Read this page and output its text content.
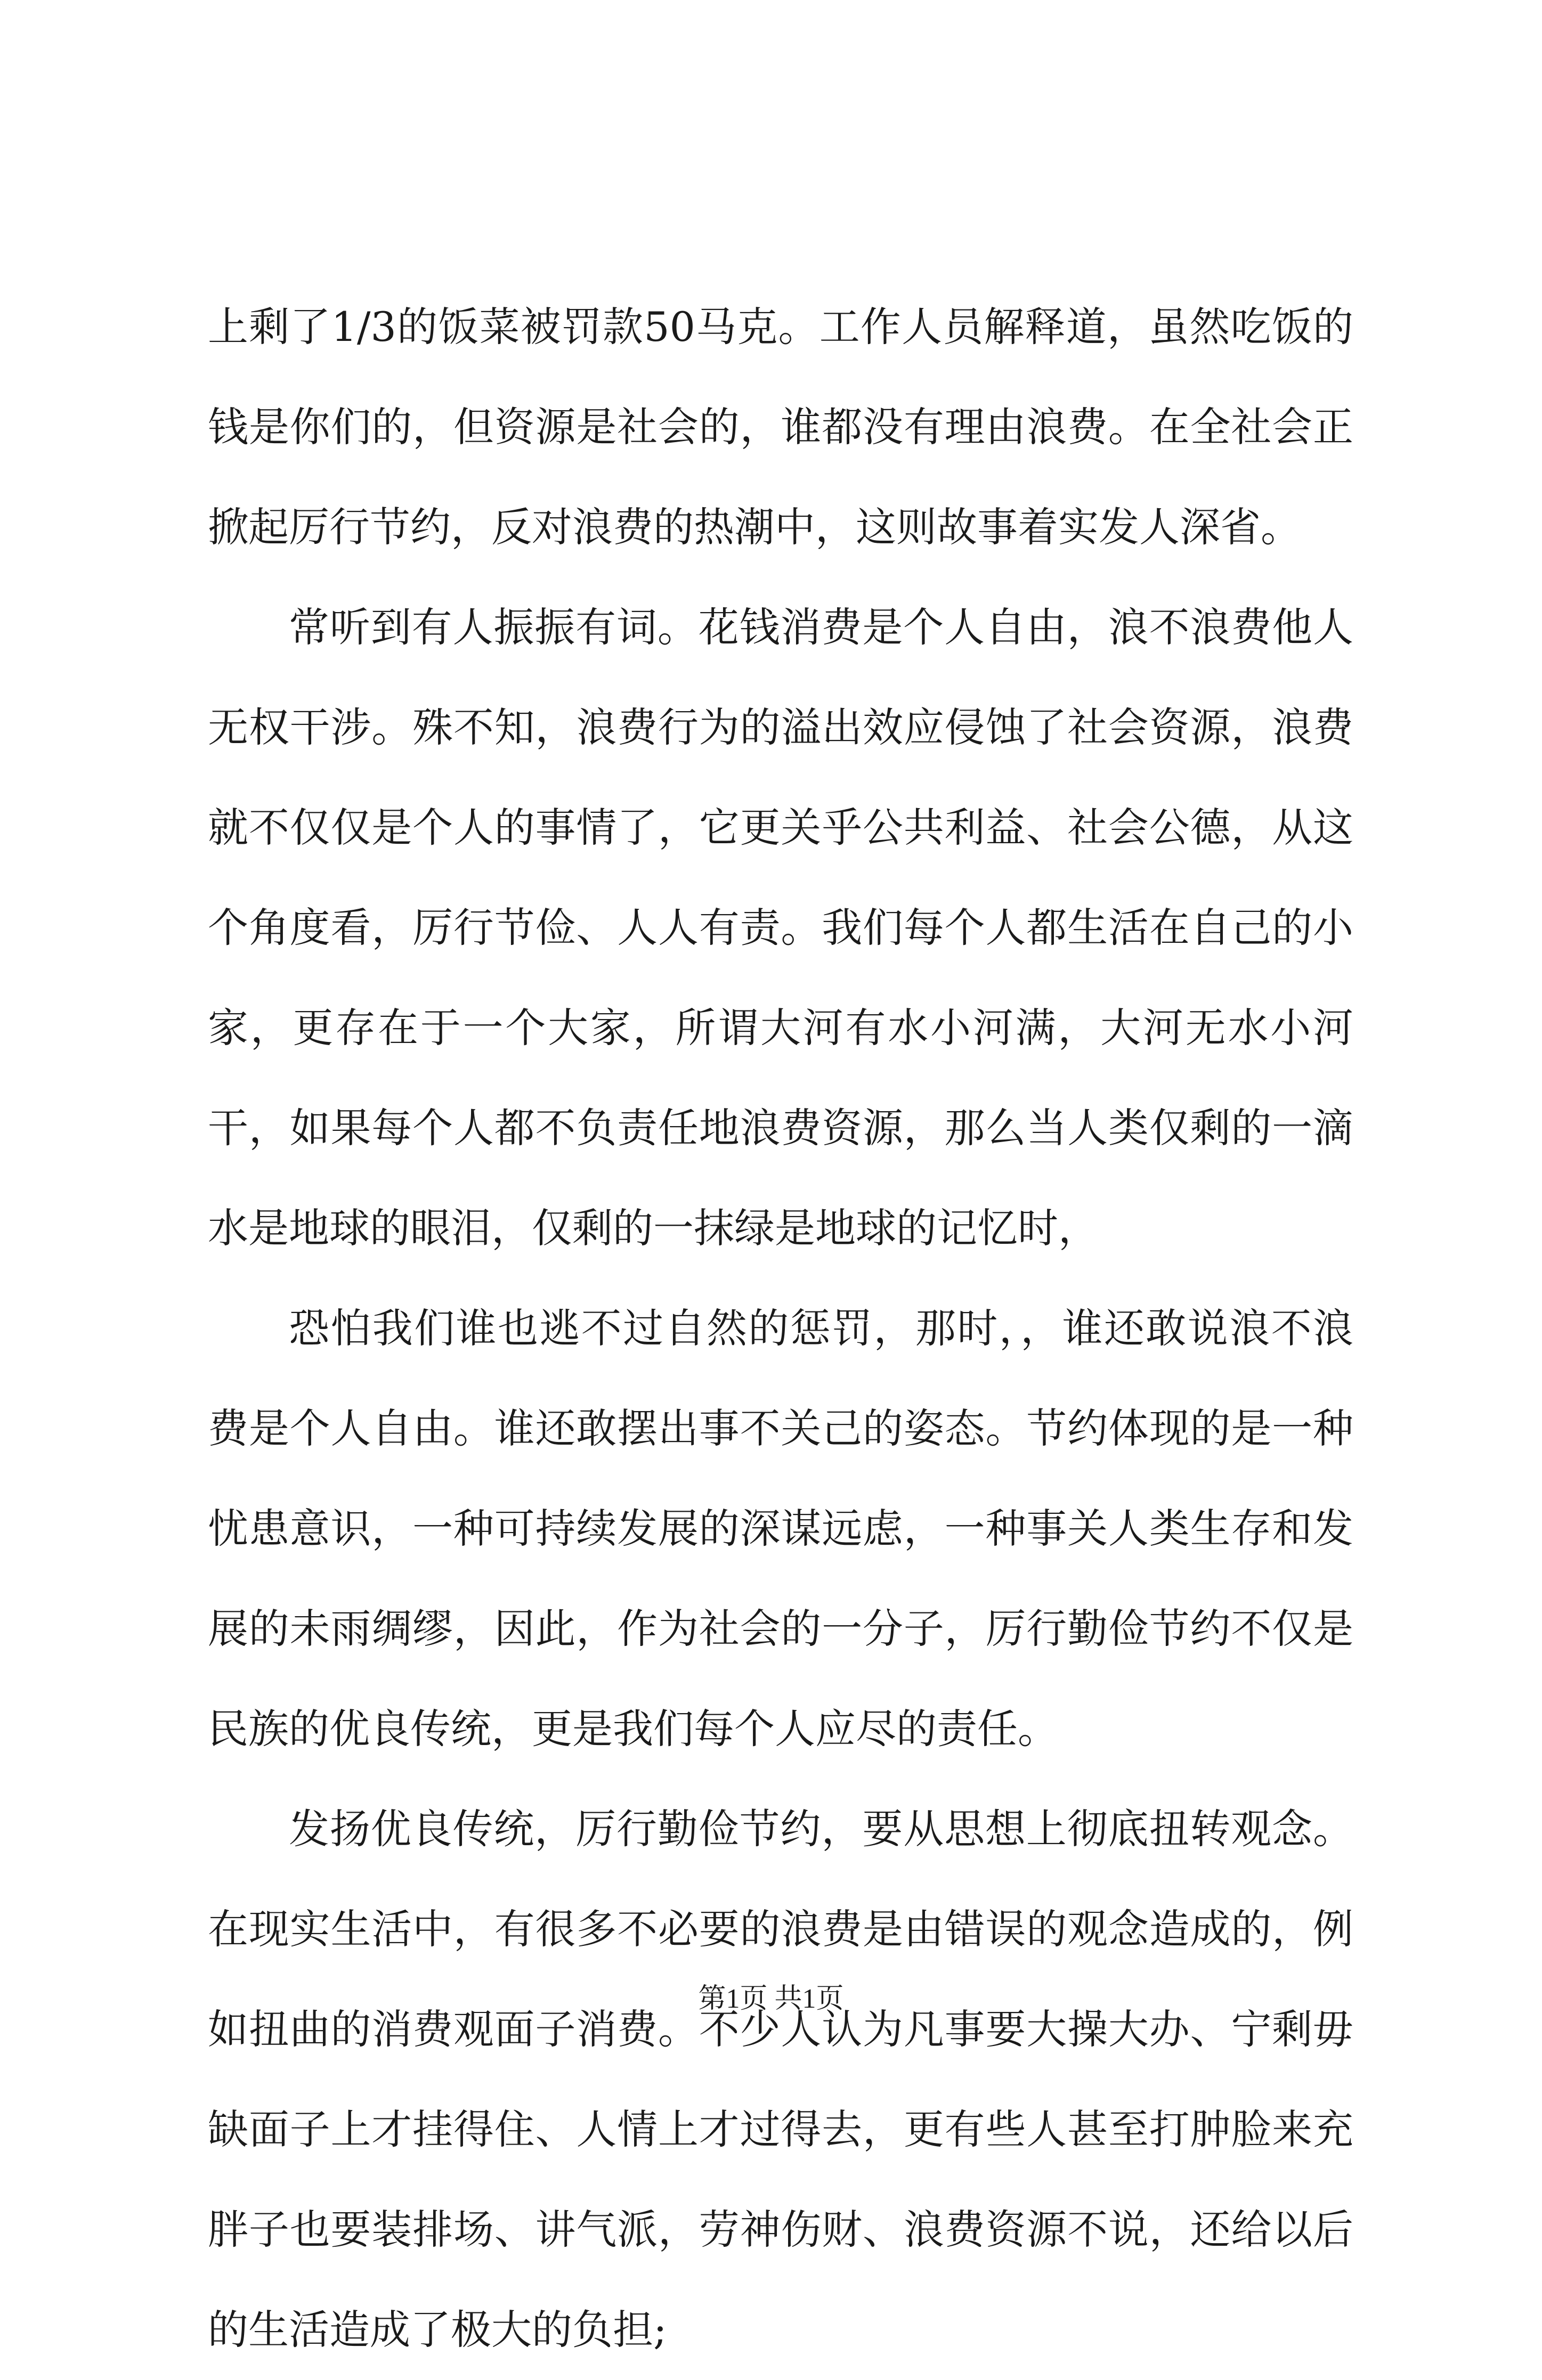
上剩了1/3的饭菜被罚款50马克。工作人员解释道，虽然吃饭的钱是你们的，但资源是社会的，谁都没有理由浪费。在全社会正掀起厉行节约，反对浪费的热潮中，这则故事着实发人深省。

常听到有人振振有词。花钱消费是个人自由，浪不浪费他人无权干涉。殊不知，浪费行为的溢出效应侵蚀了社会资源，浪费就不仅仅是个人的事情了，它更关乎公共利益、社会公德，从这个角度看，厉行节俭、人人有责。我们每个人都生活在自己的小家，更存在于一个大家，所谓大河有水小河满，大河无水小河干，如果每个人都不负责任地浪费资源，那么当人类仅剩的一滴水是地球的眼泪，仅剩的一抹绿是地球的记忆时，

恐怕我们谁也逃不过自然的惩罚，那时，，谁还敢说浪不浪费是个人自由。谁还敢摆出事不关己的姿态。节约体现的是一种忧患意识，一种可持续发展的深谋远虑，一种事关人类生存和发展的未雨绸缪，因此，作为社会的一分子，厉行勤俭节约不仅是民族的优良传统，更是我们每个人应尽的责任。

发扬优良传统，厉行勤俭节约，要从思想上彻底扭转观念。在现实生活中，有很多不必要的浪费是由错误的观念造成的，例如扭曲的消费观面子消费。不少人认为凡事要大操大办、宁剩毋缺面子上才挂得住、人情上才过得去，更有些人甚至打肿脸来充胖子也要装排场、讲气派，劳神伤财、浪费资源不说，还给以后的生活造成了极大的负担;

第1页 共1页
